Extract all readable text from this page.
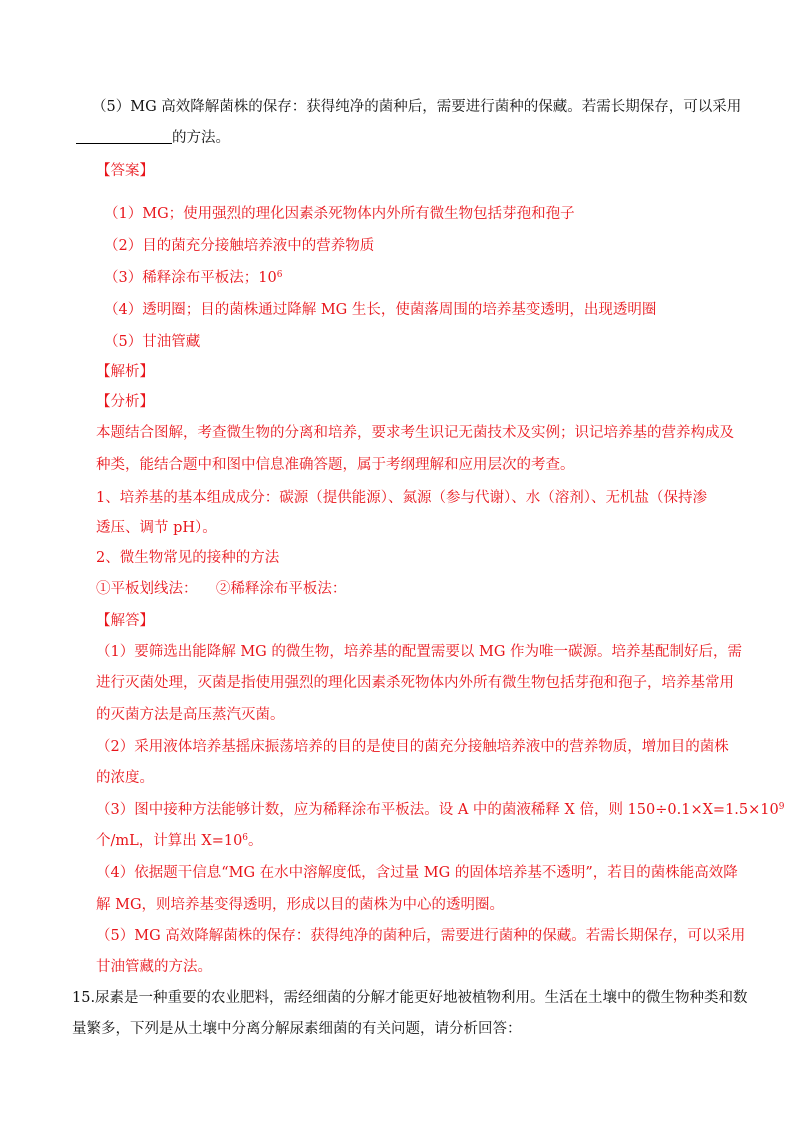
（5）MG 高效降解菌株的保存：获得纯净的菌种后，需要进行菌种的保藏。若需长期保存，可以采用
的方法。
【答案】
（1）MG；使用强烈的理化因素杀死物体内外所有微生物包括芽孢和孢子
（2）目的菌充分接触培养液中的营养物质
（3）稀释涂布平板法；$10^6$
（4）透明圈；目的菌株通过降解 MG 生长，使菌落周围的培养基变透明，出现透明圈
（5）甘油管藏
【解析】
【分析】
本题结合图解，考查微生物的分离和培养，要求考生识记无菌技术及实例；识记培养基的营养构成及
种类，能结合题中和图中信息准确答题，属于考纲理解和应用层次的考查。
1、培养基的基本组成成分：碳源（提供能源）、氮源（参与代谢）、水（溶剂）、无机盐（保持渗
透压、调节 pH）。
2、微生物常见的接种的方法
①平板划线法：    ②稀释涂布平板法：
【解答】
（1）要筛选出能降解 MG 的微生物，培养基的配置需要以 MG 作为唯一碳源。培养基配制好后，需
进行灭菌处理，灭菌是指使用强烈的理化因素杀死物体内外所有微生物包括芽孢和孢子，培养基常用
的灭菌方法是高压蒸汽灭菌。
（2）采用液体培养基摇床振荡培养的目的是使目的菌充分接触培养液中的营养物质，增加目的菌株
的浓度。
（3）图中接种方法能够计数，应为稀释涂布平板法。设 A 中的菌液稀释 X 倍，则 $150\div 0.1\times X=1.5\times 10^9$
个/mL，计算出 $X=10^6$。
（4）依据题干信息“MG 在水中溶解度低，含过量 MG 的固体培养基不透明”，若目的菌株能高效降
解 MG，则培养基变得透明，形成以目的菌株为中心的透明圈。
（5）MG 高效降解菌株的保存：获得纯净的菌种后，需要进行菌种的保藏。若需长期保存，可以采用
甘油管藏的方法。
15.尿素是一种重要的农业肥料，需经细菌的分解才能更好地被植物利用。生活在土壤中的微生物种类和数
量繁多，下列是从土壤中分离分解尿素细菌的有关问题，请分析回答：
